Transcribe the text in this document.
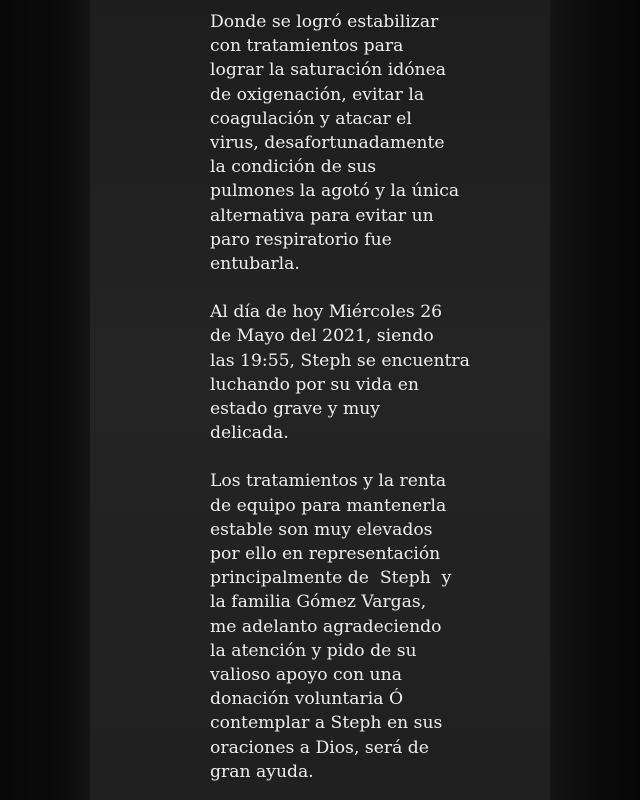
Donde se logró estabilizar
con tratamientos para
lograr la saturación idónea
de oxigenación, evitar la
coagulación y atacar el
virus, desafortunadamente
la condición de sus
pulmones la agotó y la única
alternativa para evitar un
paro respiratorio fue
entubarla.

Al día de hoy Miércoles 26
de Mayo del 2021, siendo
las 19:55, Steph se encuentra
luchando por su vida en
estado grave y muy
delicada.

Los tratamientos y la renta
de equipo para mantenerla
estable son muy elevados
por ello en representación
principalmente de  Steph  y
la familia Gómez Vargas,
me adelanto agradeciendo
la atención y pido de su
valioso apoyo con una
donación voluntaria Ó
contemplar a Steph en sus
oraciones a Dios, será de
gran ayuda.
